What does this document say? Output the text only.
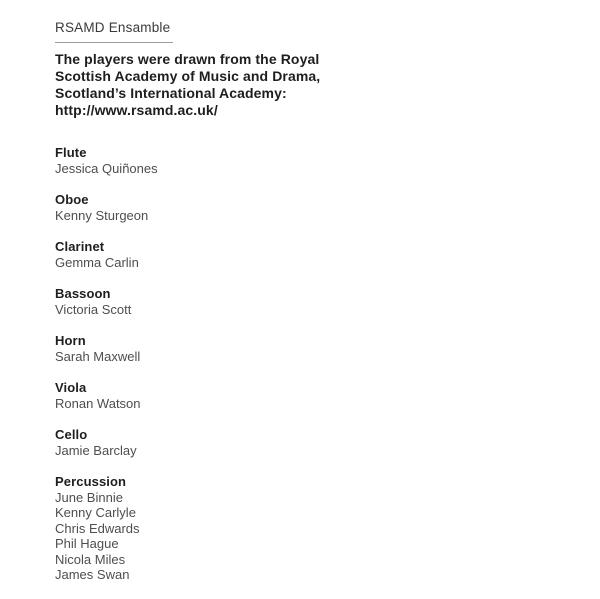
RSAMD Ensamble
The players were drawn from the Royal
Scottish Academy of Music and Drama,
Scotland’s International Academy:
http://www.rsamd.ac.uk/
Flute
Jessica Quiñones
Oboe
Kenny Sturgeon
Clarinet
Gemma Carlin
Bassoon
Victoria Scott
Horn
Sarah Maxwell
Viola
Ronan Watson
Cello
Jamie Barclay
Percussion
June Binnie
Kenny Carlyle
Chris Edwards
Phil Hague
Nicola Miles
James Swan
